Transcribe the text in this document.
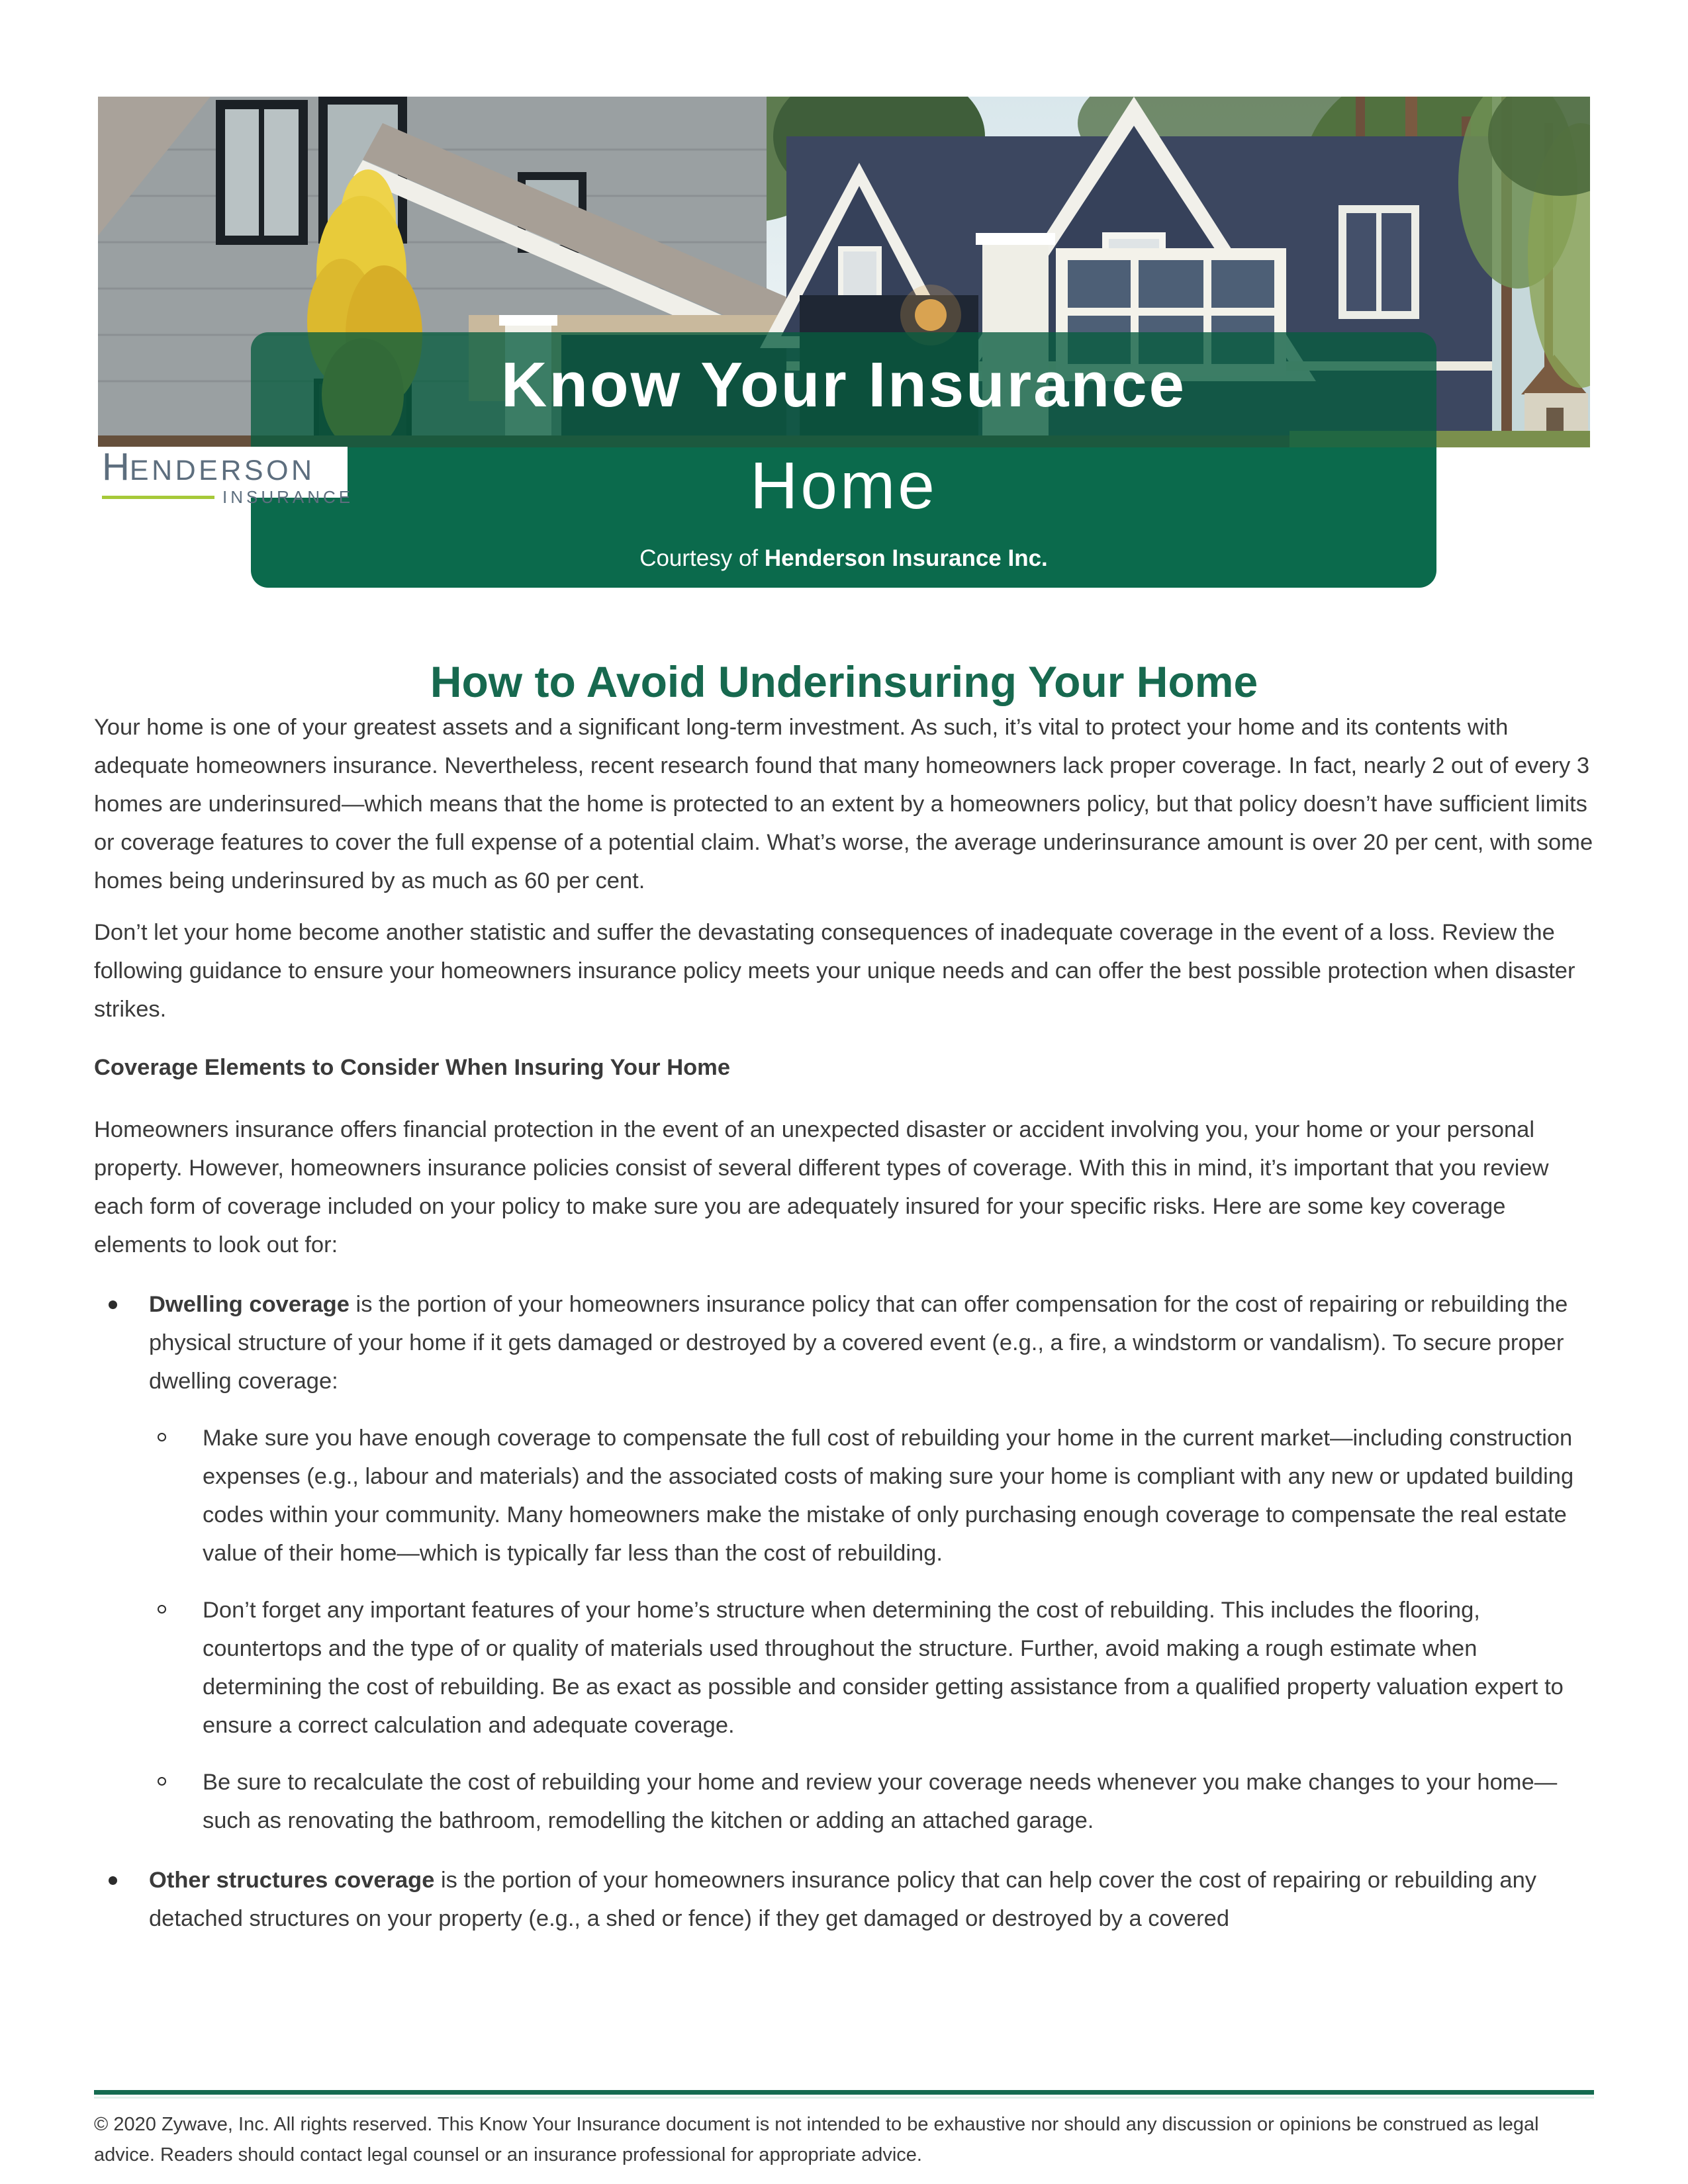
Know Your Insurance
Home
Courtesy of Henderson Insurance Inc.
H ENDERSON
INSURANCE
How to Avoid Underinsuring Your Home

Your home is one of your greatest assets and a significant long-term investment. As such, it’s vital to protect your home and its contents with adequate homeowners insurance. Nevertheless, recent research found that many homeowners lack proper coverage. In fact, nearly 2 out of every 3 homes are underinsured—which means that the home is protected to an extent by a homeowners policy, but that policy doesn’t have sufficient limits or coverage features to cover the full expense of a potential claim. What’s worse, the average underinsurance amount is over 20 per cent, with some homes being underinsured by as much as 60 per cent.

Don’t let your home become another statistic and suffer the devastating consequences of inadequate coverage in the event of a loss. Review the following guidance to ensure your homeowners insurance policy meets your unique needs and can offer the best possible protection when disaster strikes.

Coverage Elements to Consider When Insuring Your Home

Homeowners insurance offers financial protection in the event of an unexpected disaster or accident involving you, your home or your personal property. However, homeowners insurance policies consist of several different types of coverage. With this in mind, it’s important that you review each form of coverage included on your policy to make sure you are adequately insured for your specific risks. Here are some key coverage elements to look out for:

Dwelling coverage is the portion of your homeowners insurance policy that can offer compensation for the cost of repairing or rebuilding the physical structure of your home if it gets damaged or destroyed by a covered event (e.g., a fire, a windstorm or vandalism). To secure proper dwelling coverage:
Make sure you have enough coverage to compensate the full cost of rebuilding your home in the current market—including construction expenses (e.g., labour and materials) and the associated costs of making sure your home is compliant with any new or updated building codes within your community. Many homeowners make the mistake of only purchasing enough coverage to compensate the real estate value of their home—which is typically far less than the cost of rebuilding.
Don’t forget any important features of your home’s structure when determining the cost of rebuilding. This includes the flooring, countertops and the type of or quality of materials used throughout the structure. Further, avoid making a rough estimate when determining the cost of rebuilding. Be as exact as possible and consider getting assistance from a qualified property valuation expert to ensure a correct calculation and adequate coverage.
Be sure to recalculate the cost of rebuilding your home and review your coverage needs whenever you make changes to your home—such as renovating the bathroom, remodelling the kitchen or adding an attached garage.
Other structures coverage is the portion of your homeowners insurance policy that can help cover the cost of repairing or rebuilding any detached structures on your property (e.g., a shed or fence) if they get damaged or destroyed by a covered
© 2020 Zywave, Inc. All rights reserved. This Know Your Insurance document is not intended to be exhaustive nor should any discussion or opinions be construed as legal advice. Readers should contact legal counsel or an insurance professional for appropriate advice.
